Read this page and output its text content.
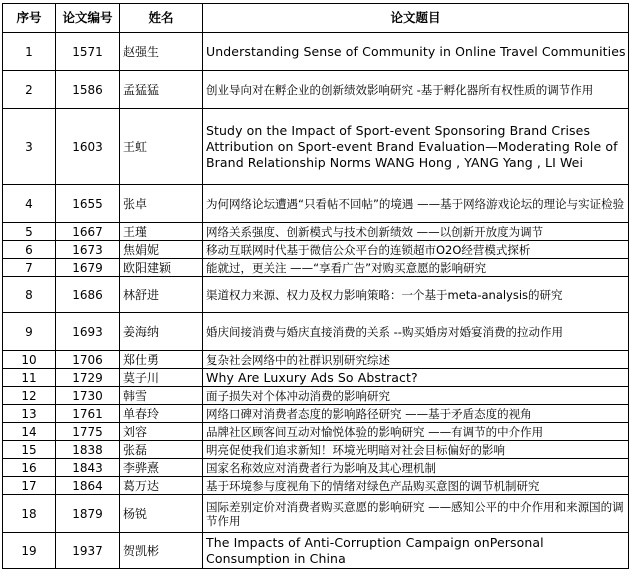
序号	论文编号	姓名	论文题目
1	1571	赵强生	Understanding Sense of Community in Online Travel Communities
2	1586	孟猛猛	创业导向对在孵企业的创新绩效影响研究 -基于孵化器所有权性质的调节作用
3	1603	王虹	Study on the Impact of Sport-event Sponsoring Brand Crises Attribution on Sport-event Brand Evaluation—Moderating Role of Brand Relationship Norms WANG Hong , YANG Yang , LI Wei
4	1655	张卓	为何网络论坛遭遇“只看帖不回帖”的境遇 ——基于网络游戏论坛的理论与实证检验
5	1667	王瑾	网络关系强度、创新模式与技术创新绩效 ——以创新开放度为调节
6	1673	焦娟妮	移动互联网时代基于微信公众平台的连锁超市O2O经营模式探析
7	1679	欧阳建颖	能就过，更关注 ——“享看广告”对购买意愿的影响研究
8	1686	林舒进	渠道权力来源、权力及权力影响策略：一个基于meta-analysis的研究
9	1693	姜海纳	婚庆间接消费与婚庆直接消费的关系 --购买婚房对婚宴消费的拉动作用
10	1706	郑仕勇	复杂社会网络中的社群识别研究综述
11	1729	莫子川	Why Are Luxury Ads So Abstract?
12	1730	韩雪	面子损失对个体冲动消费的影响研究
13	1761	单春玲	网络口碑对消费者态度的影响路径研究 ——基于矛盾态度的视角
14	1775	刘容	品牌社区顾客间互动对愉悦体验的影响研究 ——有调节的中介作用
15	1838	张磊	明亮促使我们追求新知！环境光明暗对社会目标偏好的影响
16	1843	李骅熹	国家名称效应对消费者行为影响及其心理机制
17	1864	葛万达	基于环境参与度视角下的情绪对绿色产品购买意图的调节机制研究
18	1879	杨锐	国际差别定价对消费者购买意愿的影响研究 ——感知公平的中介作用和来源国的调节作用
19	1937	贺凯彬	The Impacts of Anti-Corruption Campaign onPersonal Consumption in China
